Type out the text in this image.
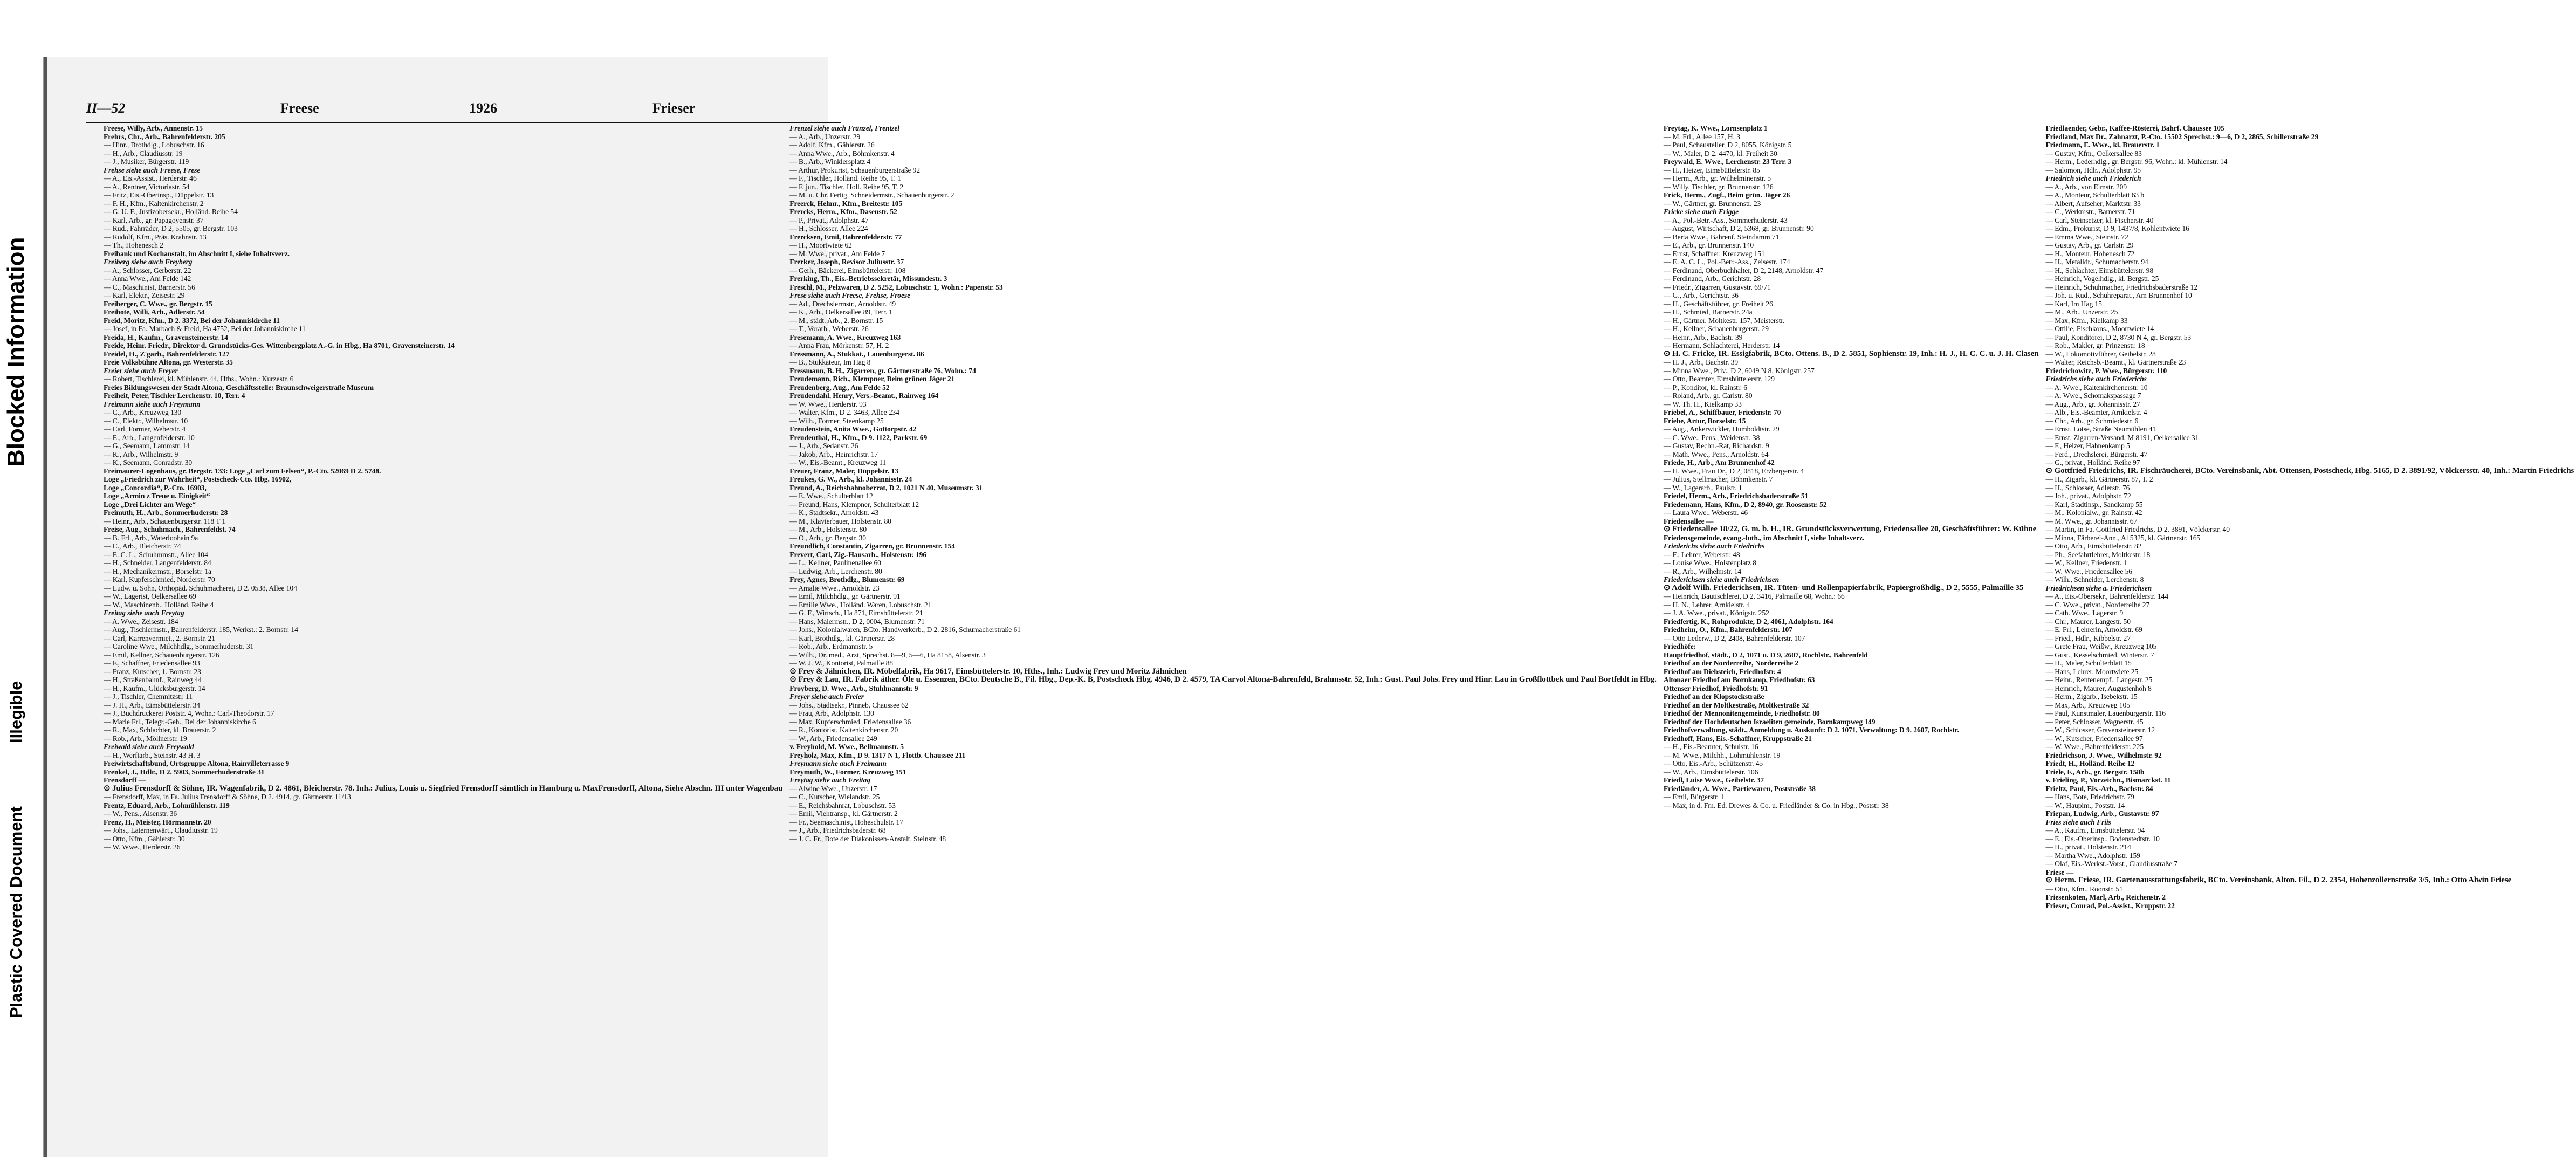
Plastic Covered Document
Illegible
Blocked Information
II—52	Freese	1926	Frieser
Freese, Willy, Arb., Annenstr. 15
Frehrs, Chr., Arb., Bahrenfelderstr. 205
— Hinr., Brothdlg., Lobuschstr. 16
— H., Arb., Claudiusstr. 19
— J., Musiker, Bürgerstr. 119
Frehse siehe auch Freese, Frese
— A., Eis.-Assist., Herderstr. 46
— A., Rentner, Victoriastr. 54
— Fritz, Eis.-Oberinsp., Düppelstr. 13
— F. H., Kfm., Kaltenkirchenstr. 2
— G. U. F., Justizobersekr., Holländ. Reihe 54
— Karl, Arb., gr. Papagoyenstr. 37
— Rud., Fahrräder, D 2, 5505, gr. Bergstr. 103
— Rudolf, Kfm., Präs. Krahnstr. 13
— Th., Hohenesch 2
Freibank und Kochanstalt, im Abschnitt I, siehe Inhaltsverz.
Freiberg siehe auch Freyberg
— A., Schlosser, Gerberstr. 22
— Anna Wwe., Am Felde 142
— C., Maschinist, Barnerstr. 56
— Karl, Elektr., Zeisestr. 29
Freiberger, C. Wwe., gr. Bergstr. 15
Freibote, Willi, Arb., Adlerstr. 54
Freid, Moritz, Kfm., D 2. 3372, Bei der Johanniskirche 11
— Josef, in Fa. Marbach & Freid, Ha 4752, Bei der Johanniskirche 11
Freida, H., Kaufm., Gravensteinerstr. 14
Freide, Heinr. Friedr., Direktor d. Grundstücks-Ges. Wittenbergplatz A.-G. in Hbg., Ha 8701, Gravensteinerstr. 14
Freidel, H., Z'garb., Bahrenfelderstr. 127
Freie Volksbühne Altona, gr. Westerstr. 35
Freier siehe auch Freyer
— Robert, Tischlerei, kl. Mühlenstr. 44, Hths., Wohn.: Kurzestr. 6
Freies Bildungswesen der Stadt Altona, Geschäftsstelle: Braunschweigerstraße Museum
Freiheit, Peter, Tischler Lerchenstr. 10, Terr. 4
Freimann siehe auch Freymann
— C., Arb., Kreuzweg 130
— C., Elektr., Wilhelmstr. 10
— Carl, Former, Weberstr. 4
— E., Arb., Langenfelderstr. 10
— G., Seemann, Lammstr. 14
— K., Arb., Wilhelmstr. 9
— K., Seemann, Conradstr. 30
Freimaurer-Logenhaus, gr. Bergstr. 133: Loge „Carl zum Felsen“, P.-Cto. 52069 D 2. 5748.
Loge „Friedrich zur Wahrheit“, Postscheck-Cto. Hbg. 16902,
Loge „Concordia“, P.-Cto. 16903,
Loge „Armin z Treue u. Einigkeit“
Loge „Drei Lichter am Wege“
Freimuth, H., Arb., Sommerhuderstr. 28
— Heinr., Arb., Schauenburgerstr. 118 T 1
Freise, Aug., Schuhmach., Bahrenfeldst. 74
— B. Frl., Arb., Waterloohain 9a
— C., Arb., Bleicherstr. 74
— E. C. L., Schuhmmstr., Allee 104
— H., Schneider, Langenfelderstr. 84
— H., Mechanikermstr., Borselstr. 1a
— Karl, Kupferschmied, Norderstr. 70
— Ludw. u. Sohn, Orthopäd. Schuhmacherei, D 2. 0538, Allee 104
— W., Lagerist, Oelkersallee 69
— W., Maschinenb., Holländ. Reihe 4
Freitag siehe auch Freytag
— A. Wwe., Zeisestr. 184
— Aug., Tischlermstr., Bahrenfelderstr. 185, Werkst.: 2. Bornstr. 14
— Carl, Karrenvermiet., 2. Bornstr. 21
— Caroline Wwe., Milchhdlg., Sommerhuderstr. 31
— Emil, Kellner, Schauenburgerstr. 126
— F., Schaffner, Friedensallee 93
— Franz, Kutscher, 1. Bornstr. 23
— H., Straßenbahnf., Rainweg 44
— H., Kaufm., Glücksburgerstr. 14
— J., Tischler, Chemnitzstr. 11
— J. H., Arb., Eimsbüttelerstr. 34
— J., Buchdruckerei Poststr. 4, Wohn.: Carl-Theodorstr. 17
— Marie Frl., Telegr.-Geh., Bei der Johanniskirche 6
— R., Max, Schlachter, kl. Brauerstr. 2
— Rob., Arb., Möllnerstr. 19
Freiwald siehe auch Freywald
— H., Werftarb., Steinstr. 43 H. 3
Freiwirtschaftsbund, Ortsgruppe Altona, Rainvilleterrasse 9
Frenkel, J., Hdlr., D 2. 5903, Sommerhuderstraße 31
Frensdorff —
⊙ Julius Frensdorff & Söhne, IR. Wagenfabrik, D 2. 4861, Bleicherstr. 78. Inh.: Julius, Louis u. Siegfried Frensdorff sämtlich in Hamburg u. MaxFrensdorff, Altona, Siehe Abschn. III unter Wagenbau
— Frensdorff, Max, in Fa. Julius Frensdorff & Söhne, D 2. 4914, gr. Gärtnerstr. 11/13
Frentz, Eduard, Arb., Lohmühlenstr. 119
— W., Pens., Alsenstr. 36
Frenz, H., Meister, Hörmannstr. 20
— Johs., Laternenwärt., Claudiusstr. 19
— Otto, Kfm., Gählerstr. 30
— W. Wwe., Herderstr. 26
Frenzel siehe auch Fränzel, Frentzel
— A., Arb., Unzerstr. 29
— Adolf, Kfm., Gählerstr. 26
— Anna Wwe., Arb., Böhmkenstr. 4
— B., Arb., Winklersplatz 4
— Arthur, Prokurist, Schauenburgerstraße 92
— F., Tischler, Holländ. Reihe 95, T. 1
— F. jun., Tischler, Holl. Reihe 95, T. 2
— M. u. Chr. Fertig, Schneidermstr., Schauenburgerstr. 2
Freerck, Helmr., Kfm., Breitestr. 105
Frercks, Herm., Kfm., Dasenstr. 52
— P., Privat., Adolphstr. 47
— H., Schlosser, Allee 224
Frercksen, Emil, Bahrenfelderstr. 77
— H., Moortwiete 62
— M. Wwe., privat., Am Felde 7
Frerker, Joseph, Revisor Juliusstr. 37
— Gerh., Bäckerei, Eimsbüttelerstr. 108
Frerking, Th., Eis.-Betriebssekretär, Missundestr. 3
Freschl, M., Pelzwaren, D 2. 5252, Lobuschstr. 1, Wohn.: Papenstr. 53
Frese siehe auch Freese, Frehse, Froese
— Ad., Drechslermstr., Arnoldstr. 49
— K., Arb., Oelkersallee 89, Terr. 1
— M., städt. Arb., 2. Bornstr. 15
— T., Vorarb., Weberstr. 26
Fresemann, A. Wwe., Kreuzweg 163
— Anna Frau, Mörkenstr. 57, H. 2
Fressmann, A., Stukkat., Lauenburgerst. 86
— B., Stukkateur, Im Hag 8
Fressmann, B. H., Zigarren, gr. Gärtnerstraße 76, Wohn.: 74
Freudemann, Rich., Klempner, Beim grünen Jäger 21
Freudenberg, Aug., Am Felde 52
Freudendahl, Henry, Vers.-Beamt., Rainweg 164
— W. Wwe., Herderstr. 93
— Walter, Kfm., D 2. 3463, Allee 234
— Wilh., Former, Steenkamp 25
Freudenstein, Anita Wwe., Gottorpstr. 42
Freudenthal, H., Kfm., D 9. 1122, Parkstr. 69
— J., Arb., Sedanstr. 26
— Jakob, Arb., Heinrichstr. 17
— W., Eis.-Beamt., Kreuzweg 11
Freuer, Franz, Maler, Düppelstr. 13
Freukes, G. W., Arb., kl. Johannisstr. 24
Freund, A., Reichsbahnoberrat, D 2, 1021 N 40, Museumstr. 31
— E. Wwe., Schulterblatt 12
— Freund, Hans, Klempner, Schulterblatt 12
— K., Stadtsekr., Arnoldstr. 43
— M., Klavierbauer, Holstenstr. 80
— M., Arb., Holstenstr. 80
— O., Arb., gr. Bergstr. 30
Freundlich, Constantin, Zigarren, gr. Brunnenstr. 154
Frevert, Carl, Zig.-Hausarb., Holstenstr. 196
— L., Kellner, Paulinenallee 60
— Ludwig, Arb., Lerchenstr. 80
Frey, Agnes, Brothdlg., Blumenstr. 69
— Amalie Wwe., Arnoldstr. 23
— Emil, Milchhdlg., gr. Gärtnerstr. 91
— Emilie Wwe., Holländ. Waren, Lobuschstr. 21
— G. F., Wirtsch., Ha 871, Eimsbüttelerstr. 21
— Hans, Malermstr., D 2, 0004, Blumenstr. 71
— Johs., Kolonialwaren, BCto. Handwerkerb., D 2. 2816, Schumacherstraße 61
— Karl, Brothdlg., kl. Gärtnerstr. 28
— Rob., Arb., Erdmannstr. 5
— Wilh., Dr. med., Arzt, Sprechst. 8—9, 5—6, Ha 8158, Alsenstr. 3
— W. J. W., Kontorist, Palmaille 88
⊙ Frey & Jähnichen, IR. Möbelfabrik, Ha 9617, Eimsbüttelerstr. 10, Hths., Inh.: Ludwig Frey und Moritz Jähnichen
⊙ Frey & Lau, IR. Fabrik äther. Öle u. Essenzen, BCto. Deutsche B., Fil. Hbg., Dep.-K. B, Postscheck Hbg. 4946, D 2. 4579, TA Carvol Altona-Bahrenfeld, Brahmsstr. 52, Inh.: Gust. Paul Johs. Frey und Hinr. Lau in Großflottbek und Paul Bortfeldt in Hbg.
Froyberg, D. Wwe., Arb., Stuhlmannstr. 9
Freyer siehe auch Freier
— Johs., Stadtsekr., Pinneb. Chaussee 62
— Frau, Arb., Adolphstr. 130
— Max, Kupferschmied, Friedensallee 36
— R., Kontorist, Kaltenkirchenstr. 20
— W., Arb., Friedensallee 249
v. Freyhold, M. Wwe., Bellmannstr. 5
Freyholz, Max, Kfm., D 9. 1317 N 1, Flottb. Chaussee 211
Freymann siehe auch Freimann
Freymuth, W., Former, Kreuzweg 151
Freytag siehe auch Freitag
— Alwine Wwe., Unzerstr. 17
— C., Kutscher, Wielandstr. 25
— E., Reichsbahnrat, Lobuschstr. 53
— Emil, Viehtransp., kl. Gärtnerstr. 2
— Fr., Seemaschinist, Hoheschulstr. 17
— J., Arb., Friedrichsbaderstr. 68
— J. C. Fr., Bote der Diakonissen-Anstalt, Steinstr. 48
Freytag, K. Wwe., Lornsenplatz 1
— M. Frl., Allee 157, H. 3
— Paul, Schausteller, D 2, 8055, Königstr. 5
— W., Maler, D 2. 4470, kl. Freiheit 30
Freywald, E. Wwe., Lerchenstr. 23 Terr. 3
— H., Heizer, Eimsbüttelerstr. 85
— Herm., Arb., gr. Wilhelminenstr. 5
— Willy, Tischler, gr. Brunnenstr. 126
Frick, Herm., Zugf., Beim grün. Jäger 26
— W., Gärtner, gr. Brunnenstr. 23
Fricke siehe auch Frigge
— A., Pol.-Betr.-Ass., Sommerhuderstr. 43
— August, Wirtschaft, D 2, 5368, gr. Brunnenstr. 90
— Berta Wwe., Bahrenf. Steindamm 71
— E., Arb., gr. Brunnenstr. 140
— Ernst, Schaffner, Kreuzweg 151
— E. A. C. L., Pol.-Betr.-Ass., Zeisestr. 174
— Ferdinand, Oberbuchhalter, D 2, 2148, Arnoldstr. 47
— Ferdinand, Arb., Gerichtstr. 28
— Friedr., Zigarren, Gustavstr. 69/71
— G., Arb., Gerichtstr. 36
— H., Geschäftsführer, gr. Freiheit 26
— H., Schmied, Barnerstr. 24a
— H., Gärtner, Moltkestr. 157, Meisterstr.
— H., Kellner, Schauenburgerstr. 29
— Heinr., Arb., Bachstr. 39
— Hermann, Schlachterei, Herderstr. 14
⊙ H. C. Fricke, IR. Essigfabrik, BCto. Ottens. B., D 2. 5851, Sophienstr. 19, Inh.: H. J., H. C. C. u. J. H. Clasen
— H. J., Arb., Bachstr. 39
— Minna Wwe., Priv., D 2, 6049 N 8, Königstr. 257
— Otto, Beamter, Eimsbüttelerstr. 129
— P., Konditor, kl. Rainstr. 6
— Roland, Arb., gr. Carlstr. 80
— W. Th. H., Kielkamp 33
Friebel, A., Schiffbauer, Friedenstr. 70
Friebe, Artur, Borselstr. 15
— Aug., Ankerwickler, Humboldtstr. 29
— C. Wwe., Pens., Weidenstr. 38
— Gustav, Rechn.-Rat, Richardstr. 9
— Math. Wwe., Pens., Arnoldstr. 64
Friede, H., Arb., Am Brunnenhof 42
— H. Wwe., Frau Dr., D 2, 0818, Erzbergerstr. 4
— Julius, Stellmacher, Böhmkenstr. 7
— W., Lagerarb., Paulstr. 1
Friedel, Herm., Arb., Friedrichsbaderstraße 51
Friedemann, Hans, Kfm., D 2, 8940, gr. Roosenstr. 52
— Laura Wwe., Weberstr. 46
Friedensallee —
⊙ Friedensallee 18/22, G. m. b. H., IR. Grundstücksverwertung, Friedensallee 20, Geschäftsführer: W. Kühne
Friedensgemeinde, evang.-luth., im Abschnitt I, siehe Inhaltsverz.
Friederichs siehe auch Friedrichs
— F., Lehrer, Weberstr. 48
— Louise Wwe., Holstenplatz 8
— R., Arb., Wilhelmstr. 14
Friederichsen siehe auch Friedrichsen
⊙ Adolf Wilh. Friederichsen, IR. Tüten- und Rollenpapierfabrik, Papiergroßhdlg., D 2, 5555, Palmaille 35
— Heinrich, Bautischlerei, D 2. 3416, Palmaille 68, Wohn.: 66
— H. N., Lehrer, Arnkielstr. 4
— J. A. Wwe., privat., Königstr. 252
Friedfertig, K., Rohprodukte, D 2, 4061, Adolphstr. 164
Friedheim, O., Kfm., Bahrenfelderstr. 107
— Otto Lederw., D 2, 2408, Bahrenfelderstr. 107
Friedhöfe:
Hauptfriedhof, städt., D 2, 1071 u. D 9, 2607, Rochlstr., Bahrenfeld
Friedhof an der Norderreihe, Norderreihe 2
Friedhof am Diebsteich, Friedhofstr. 4
Altonaer Friedhof am Bornkamp, Friedhofstr. 63
Ottenser Friedhof, Friedhofstr. 91
Friedhof an der Klopstockstraße
Friedhof an der Moltkestraße, Moltkestraße 32
Friedhof der Mennonitengemeinde, Friedhofstr. 80
Friedhof der Hochdeutschen Israeliten gemeinde, Bornkampweg 149
Friedhofverwaltung, städt., Anmeldung u. Auskunft: D 2. 1071, Verwaltung: D 9. 2607, Rochlstr.
Friedhoff, Hans, Eis.-Schaffner, Kruppstraße 21
— H., Eis.-Beamter, Schulstr. 16
— M. Wwe., Milchh., Lohmühlenstr. 19
— Otto, Eis.-Arb., Schützenstr. 45
— W., Arb., Eimsbüttelerstr. 106
Friedl, Luise Wwe., Geibelstr. 37
Friedländer, A. Wwe., Partiewaren, Poststraße 38
— Emil, Bürgerstr. 1
— Max, in d. Fm. Ed. Drewes & Co. u. Friedländer & Co. in Hbg., Poststr. 38
Friedlaender, Gebr., Kaffee-Rösterei, Bahrf. Chaussee 105
Friedland, Max Dr., Zahnarzt, P.-Cto. 15502 Sprechst.: 9—6, D 2, 2865, Schillerstraße 29
Friedmann, E. Wwe., kl. Brauerstr. 1
— Gustav, Kfm., Oelkersallee 83
— Herm., Lederhdlg., gr. Bergstr. 96, Wohn.: kl. Mühlenstr. 14
— Salomon, Hdlr., Adolphstr. 95
Friedrich siehe auch Friederich
— A., Arb., von Eimstr. 209
— A., Monteur, Schulterblatt 63 b
— Albert, Aufseher, Marktstr. 33
— C., Werkmstr., Barnerstr. 71
— Carl, Steinsetzer, kl. Fischerstr. 40
— Edm., Prokurist, D 9, 1437/8, Kohlentwiete 16
— Emma Wwe., Steinstr. 72
— Gustav, Arb., gr. Carlstr. 29
— H., Monteur, Hohenesch 72
— H., Metalldr., Schumacherstr. 94
— H., Schlachter, Eimsbüttelerstr. 98
— Heinrich, Vogelhdlg., kl. Bergstr. 25
— Heinrich, Schuhmacher, Friedrichsbaderstraße 12
— Joh. u. Rud., Schuhreparat., Am Brunnenhof 10
— Karl, Im Hag 15
— M., Arb., Unzerstr. 25
— Max, Kfm., Kielkamp 33
— Ottilie, Fischkons., Moortwiete 14
— Paul, Konditorei, D 2, 8730 N 4, gr. Bergstr. 53
— Rob., Makler, gr. Prinzenstr. 18
— W., Lokomotivführer, Geibelstr. 28
— Walter, Reichsb.-Beamt., kl. Gärtnerstraße 23
Friedrichowitz, P. Wwe., Bürgerstr. 110
Friedrichs siehe auch Friederichs
— A. Wwe., Kaltenkirchenerstr. 10
— A. Wwe., Schomakspassage 7
— Aug., Arb., gr. Johannisstr. 27
— Alb., Eis.-Beamter, Arnkielstr. 4
— Chr., Arb., gr. Schmiedestr. 6
— Ernst, Lotse, Straße Neumühlen 41
— Ernst, Zigarren-Versand, M 8191, Oelkersallee 31
— F., Heizer, Hahnenkamp 5
— Ferd., Drechslerei, Bürgerstr. 47
— G., privat., Holländ. Reihe 97
⊙ Gottfried Friedrichs, IR. Fischräucherei, BCto. Vereinsbank, Abt. Ottensen, Postscheck, Hbg. 5165, D 2. 3891/92, Völckersstr. 40, Inh.: Martin Friedrichs
— H., Zigarb., kl. Gärtnerstr. 87, T. 2
— H., Schlosser, Adlerstr. 76
— Joh., privat., Adolphstr. 72
— Karl, Stadtinsp., Sandkamp 55
— M., Kolonialw., gr. Rainstr. 42
— M. Wwe., gr. Johannisstr. 67
— Martin, in Fa. Gottfried Friedrichs, D 2. 3891, Völckerstr. 40
— Minna, Färberei-Ann., Al 5325, kl. Gärtnerstr. 165
— Otto, Arb., Eimsbüttelerstr. 82
— Ph., Seefahrtlehrer, Moltkestr. 18
— W., Kellner, Friedenstr. 1
— W. Wwe., Friedensallee 56
— Wilh., Schneider, Lerchenstr. 8
Friedrichsen siehe a. Friederichsen
— A., Eis.-Obersekr., Bahrenfelderstr. 144
— C. Wwe., privat., Norderreihe 27
— Cath. Wwe., Lagerstr. 9
— Chr., Maurer, Langestr. 50
— E. Frl., Lehrerin, Arnoldstr. 69
— Fried., Hdlr., Kibbelstr. 27
— Grete Frau, Weißw., Kreuzweg 105
— Gust., Kesselschmied, Winterstr. 7
— H., Maler, Schulterblatt 15
— Hans, Lehrer, Moortwiete 25
— Heinr., Rentenempf., Langestr. 25
— Heinrich, Maurer, Augustenhöh 8
— Herm., Zigarb., Isebekstr. 15
— Max, Arb., Kreuzweg 105
— Paul, Kunstmaler, Lauenburgerstr. 116
— Peter, Schlosser, Wagnerstr. 45
— W., Schlosser, Gravensteinerstr. 12
— W., Kutscher, Friedensallee 97
— W. Wwe., Bahrenfelderstr. 225
Friedrichson, J. Wwe., Wilhelmstr. 92
Friedt, H., Holländ. Reihe 12
Friele, F., Arb., gr. Bergstr. 158b
v. Frieling, P., Vorzeichn., Bismarckst. 11
Frieltz, Paul, Eis.-Arb., Bachstr. 84
— Hans, Bote, Friedrichstr. 79
— W., Haupim., Poststr. 14
Friepan, Ludwig, Arb., Gustavstr. 97
Fries siehe auch Friis
— A., Kaufm., Eimsbüttelerstr. 94
— E., Eis.-Oberinsp., Bodenstedtstr. 10
— H., privat., Holstenstr. 214
— Martha Wwe., Adolphstr. 159
— Olaf, Eis.-Werkst.-Vorst., Claudiusstraße 7
Friese —
⊙ Herm. Friese, IR. Gartenausstattungsfabrik, BCto. Vereinsbank, Alton. Fil., D 2. 2354, Hohenzollernstraße 3/5, Inh.: Otto Alwin Friese
— Otto, Kfm., Roonstr. 51
Friesenkoten, Marl, Arb., Reichenstr. 2
Frieser, Conrad, Pol.-Assist., Kruppstr. 22
